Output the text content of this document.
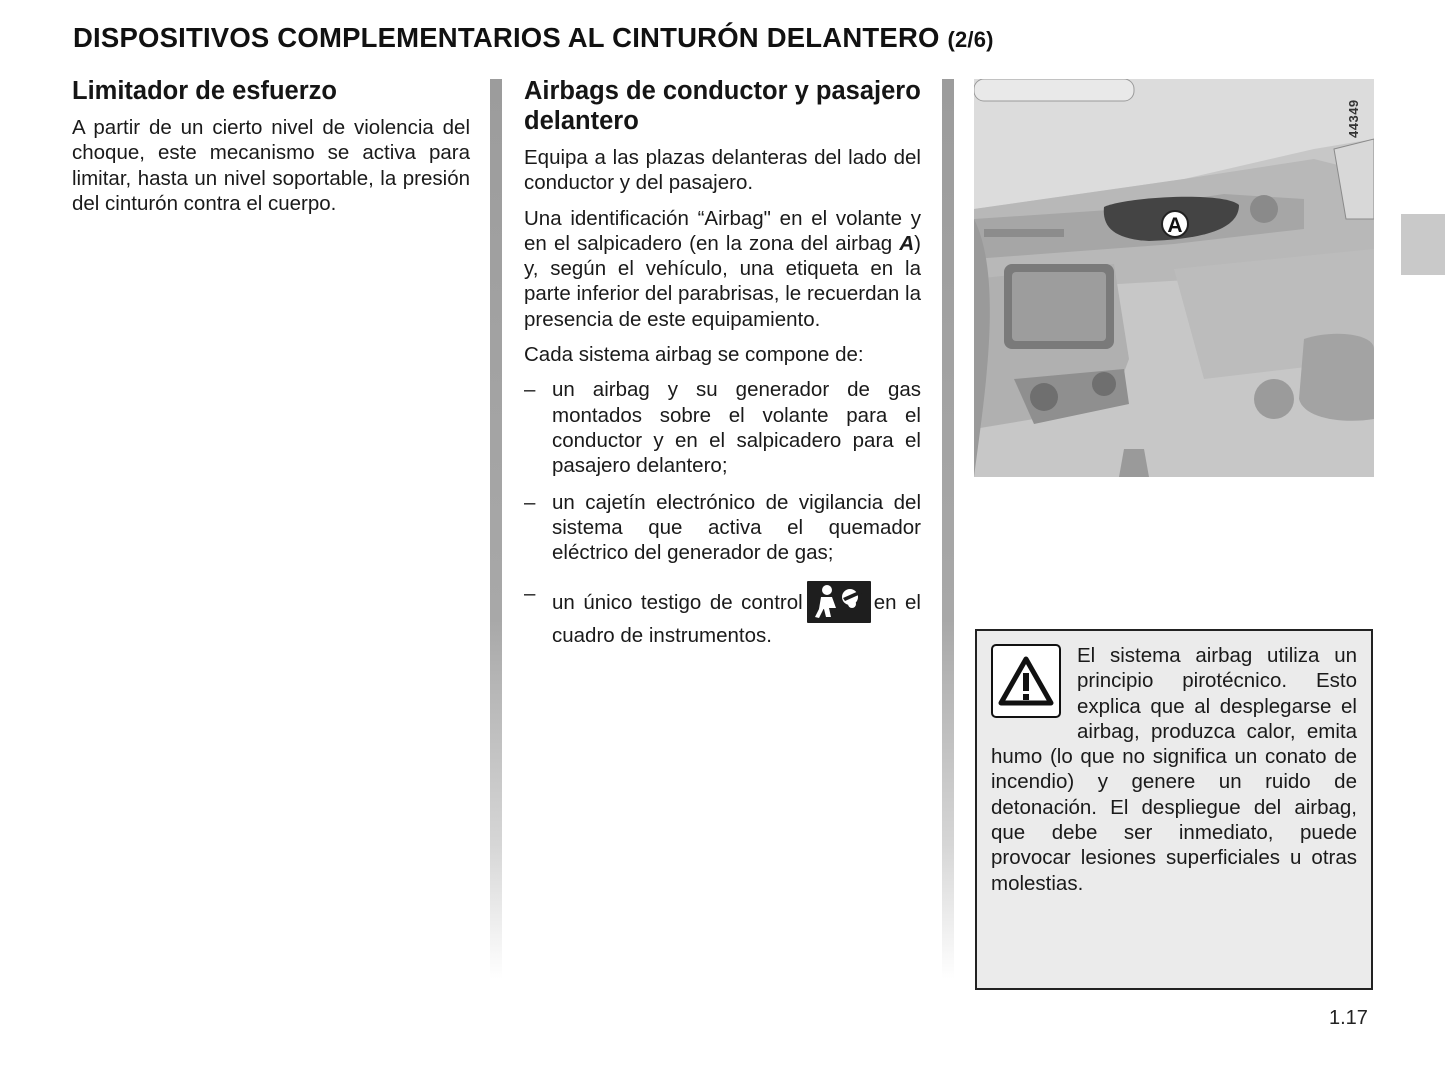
DISPOSITIVOS COMPLEMENTARIOS AL CINTURÓN DELANTERO (2/6)
Limitador de esfuerzo

A partir de un cierto nivel de violencia del choque, este mecanismo se activa para limitar, hasta un nivel soportable, la presión del cinturón contra el cuerpo.

Airbags de conductor y pasajero delantero

Equipa a las plazas delanteras del lado del conductor y del pasajero.

Una identificación “Airbag" en el volante y en el salpicadero (en la zona del airbag A) y, según el vehículo, una etiqueta en la parte inferior del parabrisas, le recuerdan la presencia de este equipamiento.

Cada sistema airbag se compone de:

– un airbag y su generador de gas montados sobre el volante para el conductor y en el salpicadero para el pasajero delantero;
– un cajetín electrónico de vigilancia del sistema que activa el quemador eléctrico del generador de gas;
– un único testigo de control	en el cuadro de instrumentos.
A
44349

El sistema airbag utiliza un principio pirotécnico. Esto explica que al desplegarse el airbag, produzca calor, emita humo (lo que no significa un conato de incendio) y genere un ruido de detonación. El despliegue del airbag, que debe ser inmediato, puede provocar lesiones superficiales u otras molestias.

1.17
